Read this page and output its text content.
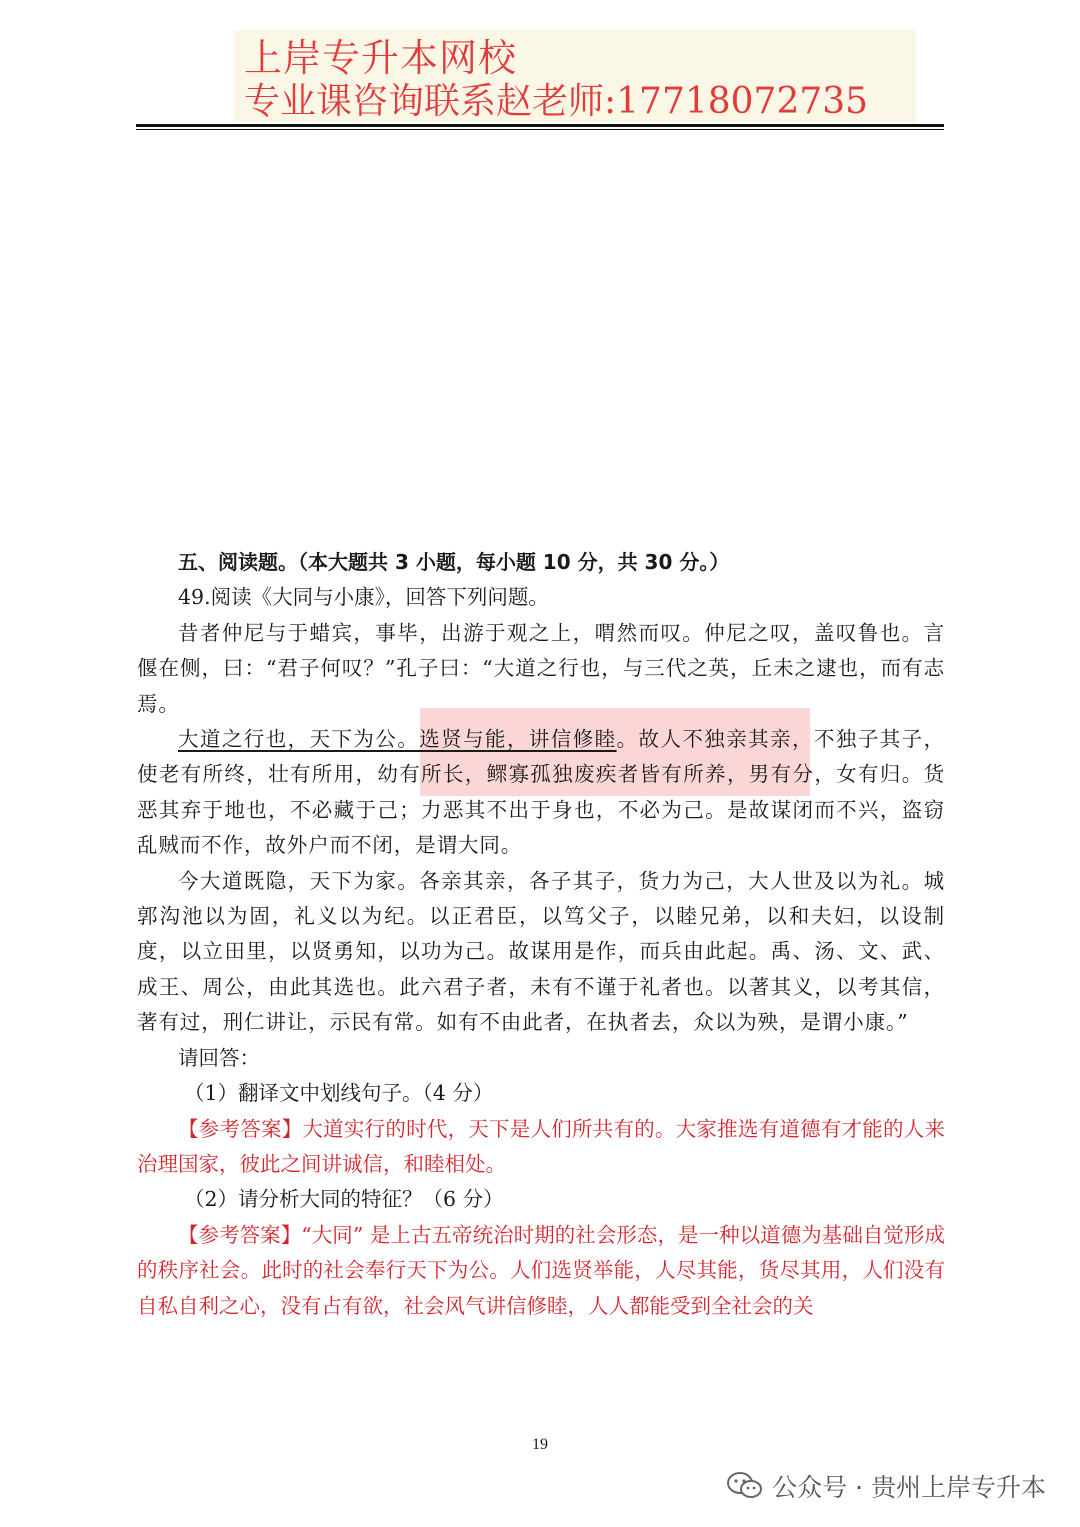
上岸专升本网校
专业课咨询联系赵老师:17718072735

五、阅读题。（本大题共 3 小题，每小题 10 分，共 30 分。）

49.阅读《大同与小康》，回答下列问题。

昔者仲尼与于蜡宾，事毕，出游于观之上，喟然而叹。仲尼之叹，盖叹鲁也。言偃在侧，曰：“君子何叹？”孔子曰：“大道之行也，与三代之英，丘未之逮也，而有志焉。

大道之行也，天下为公。选贤与能，讲信修睦。故人不独亲其亲，不独子其子，使老有所终，壮有所用，幼有所长，鳏寡孤独废疾者皆有所养，男有分，女有归。货恶其弃于地也，不必藏于己；力恶其不出于身也，不必为己。是故谋闭而不兴，盗窃乱贼而不作，故外户而不闭，是谓大同。

今大道既隐，天下为家。各亲其亲，各子其子，货力为己，大人世及以为礼。城郭沟池以为固，礼义以为纪。以正君臣，以笃父子，以睦兄弟，以和夫妇，以设制度，以立田里，以贤勇知，以功为己。故谋用是作，而兵由此起。禹、汤、文、武、成王、周公，由此其选也。此六君子者，未有不谨于礼者也。以著其义，以考其信，著有过，刑仁讲让，示民有常。如有不由此者，在执者去，众以为殃，是谓小康。”

请回答：

（1）翻译文中划线句子。（4 分）

【参考答案】大道实行的时代，天下是人们所共有的。大家推选有道德有才能的人来治理国家，彼此之间讲诚信，和睦相处。

（2）请分析大同的特征？（6 分）

【参考答案】“大同” 是上古五帝统治时期的社会形态，是一种以道德为基础自觉形成的秩序社会。此时的社会奉行天下为公。人们选贤举能，人尽其能，货尽其用，人们没有自私自利之心，没有占有欲，社会风气讲信修睦，人人都能受到全社会的关

19
公众号 · 贵州上岸专升本
